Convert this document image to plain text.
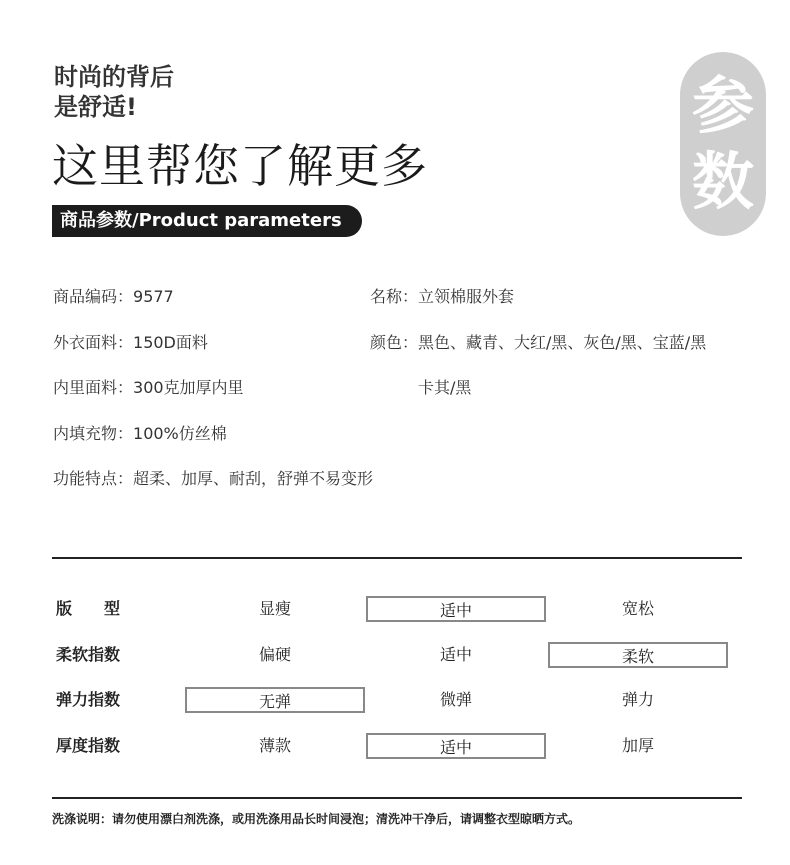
时尚的背后
是舒适!
这里帮您了解更多
商品参数/Product parameters
参
数
商品编码：9577	名称：立领棉服外套
外衣面料：150D面料	颜色：黑色、藏青、大红/黑、灰色/黑、宝蓝/黑
内里面料：300克加厚内里	卡其/黑
内填充物：100%仿丝棉
功能特点：超柔、加厚、耐刮，舒弹不易变形
版　　型	显瘦	适中	宽松
柔软指数	偏硬	适中	柔软
弹力指数	无弹	微弹	弹力
厚度指数	薄款	适中	加厚
洗涤说明：请勿使用漂白剂洗涤，或用洗涤用品长时间浸泡；清洗冲干净后，请调整衣型晾晒方式。
